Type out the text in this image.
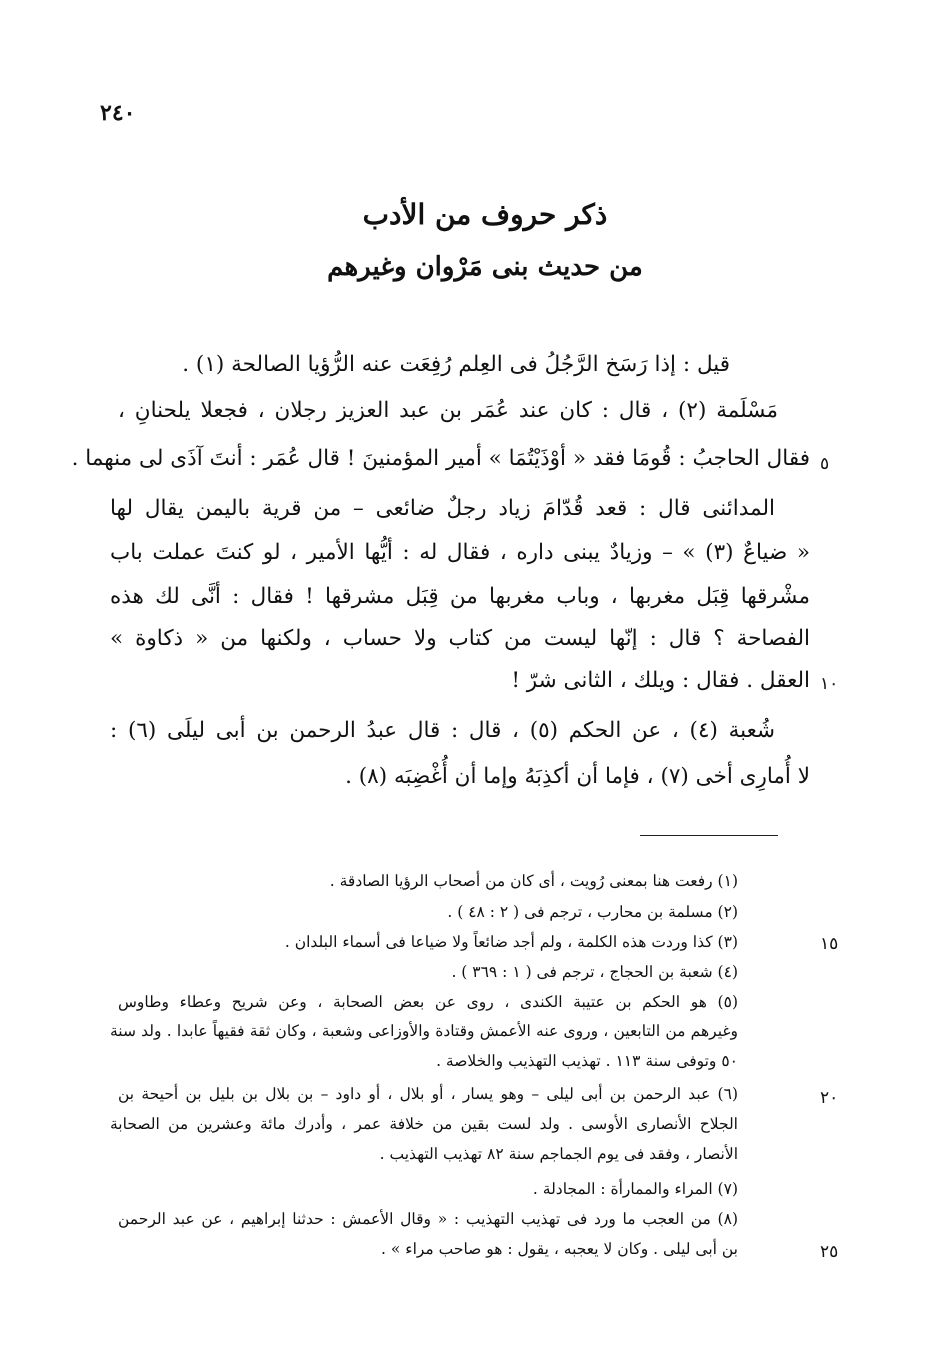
٢٤٠
ذكر حروف من الأدب
من حديث بنى مَرْوان وغيرهم
قيل : إذا رَسَخ الرَّجُلُ فى العِلم رُفِعَت عنه الرُّؤيا الصالحة (١) .
مَسْلَمة (٢) ، قال : كان عند عُمَر بن عبد العزيز رجلان ، فجعلا يلحنانِ ،
فقال الحاجبُ : قُومَا فقد « أوْذَيْتُمَا » أمير المؤمنينَ ! قال عُمَر : أنتَ آذَى لى منهما .
المدائنى قال : قعد قُدّامَ زياد رجلٌ ضائعى – من قرية باليمن يقال لها
« ضياعٌ (٣) » – وزيادٌ يبنى داره ، فقال له : أيُّها الأمير ، لو كنتَ عملت باب
مشْرقها قِبَل مغربها ، وباب مغربها من قِبَل مشرقها ! فقال : أنَّى لك هذه
الفصاحة ؟ قال : إنّها ليست من كتاب ولا حساب ، ولكنها من « ذكاوة »
العقل . فقال : ويلك ، الثانى شرّ !
شُعبة (٤) ، عن الحكم (٥) ، قال : قال عبدُ الرحمن بن أبى ليلَى (٦) :
لا أُمارِى أخى (٧) ، فإما أن أكذِبَهُ وإما أن أُغْضِبَه (٨) .
٥
١٠
(١) رفعت هنا بمعنى رُويت ، أى كان من أصحاب الرؤيا الصادقة .
(٢) مسلمة بن محارب ، ترجم فى ( ٢ : ٤٨ ) .
(٣) كذا وردت هذه الكلمة ، ولم أجد ضائعاً ولا ضياعا فى أسماء البلدان .
(٤) شعبة بن الحجاج ، ترجم فى ( ١ : ٣٦٩ ) .
(٥) هو الحكم بن عتيبة الكندى ، روى عن بعض الصحابة ، وعن شريح وعطاء وطاوس
وغيرهم من التابعين ، وروى عنه الأعمش وقتادة والأوزاعى وشعبة ، وكان ثقة فقيهاً عابدا . ولد سنة
٥٠ وتوفى سنة ١١٣ . تهذيب التهذيب والخلاصة .
(٦) عبد الرحمن بن أبى ليلى – وهو يسار ، أو بلال ، أو داود – بن بلال بن بليل بن أحيحة بن
الجلاح الأنصارى الأوسى . ولد لست بقين من خلافة عمر ، وأدرك مائة وعشرين من الصحابة
الأنصار ، وفقد فى يوم الجماجم سنة ٨٢ تهذيب التهذيب .
(٧) المراء والممارأة : المجادلة .
(٨) من العجب ما ورد فى تهذيب التهذيب : « وقال الأعمش : حدثنا إبراهيم ، عن عبد الرحمن
بن أبى ليلى . وكان لا يعجبه ، يقول : هو صاحب مراء » .
١٥
٢٠
٢٥
